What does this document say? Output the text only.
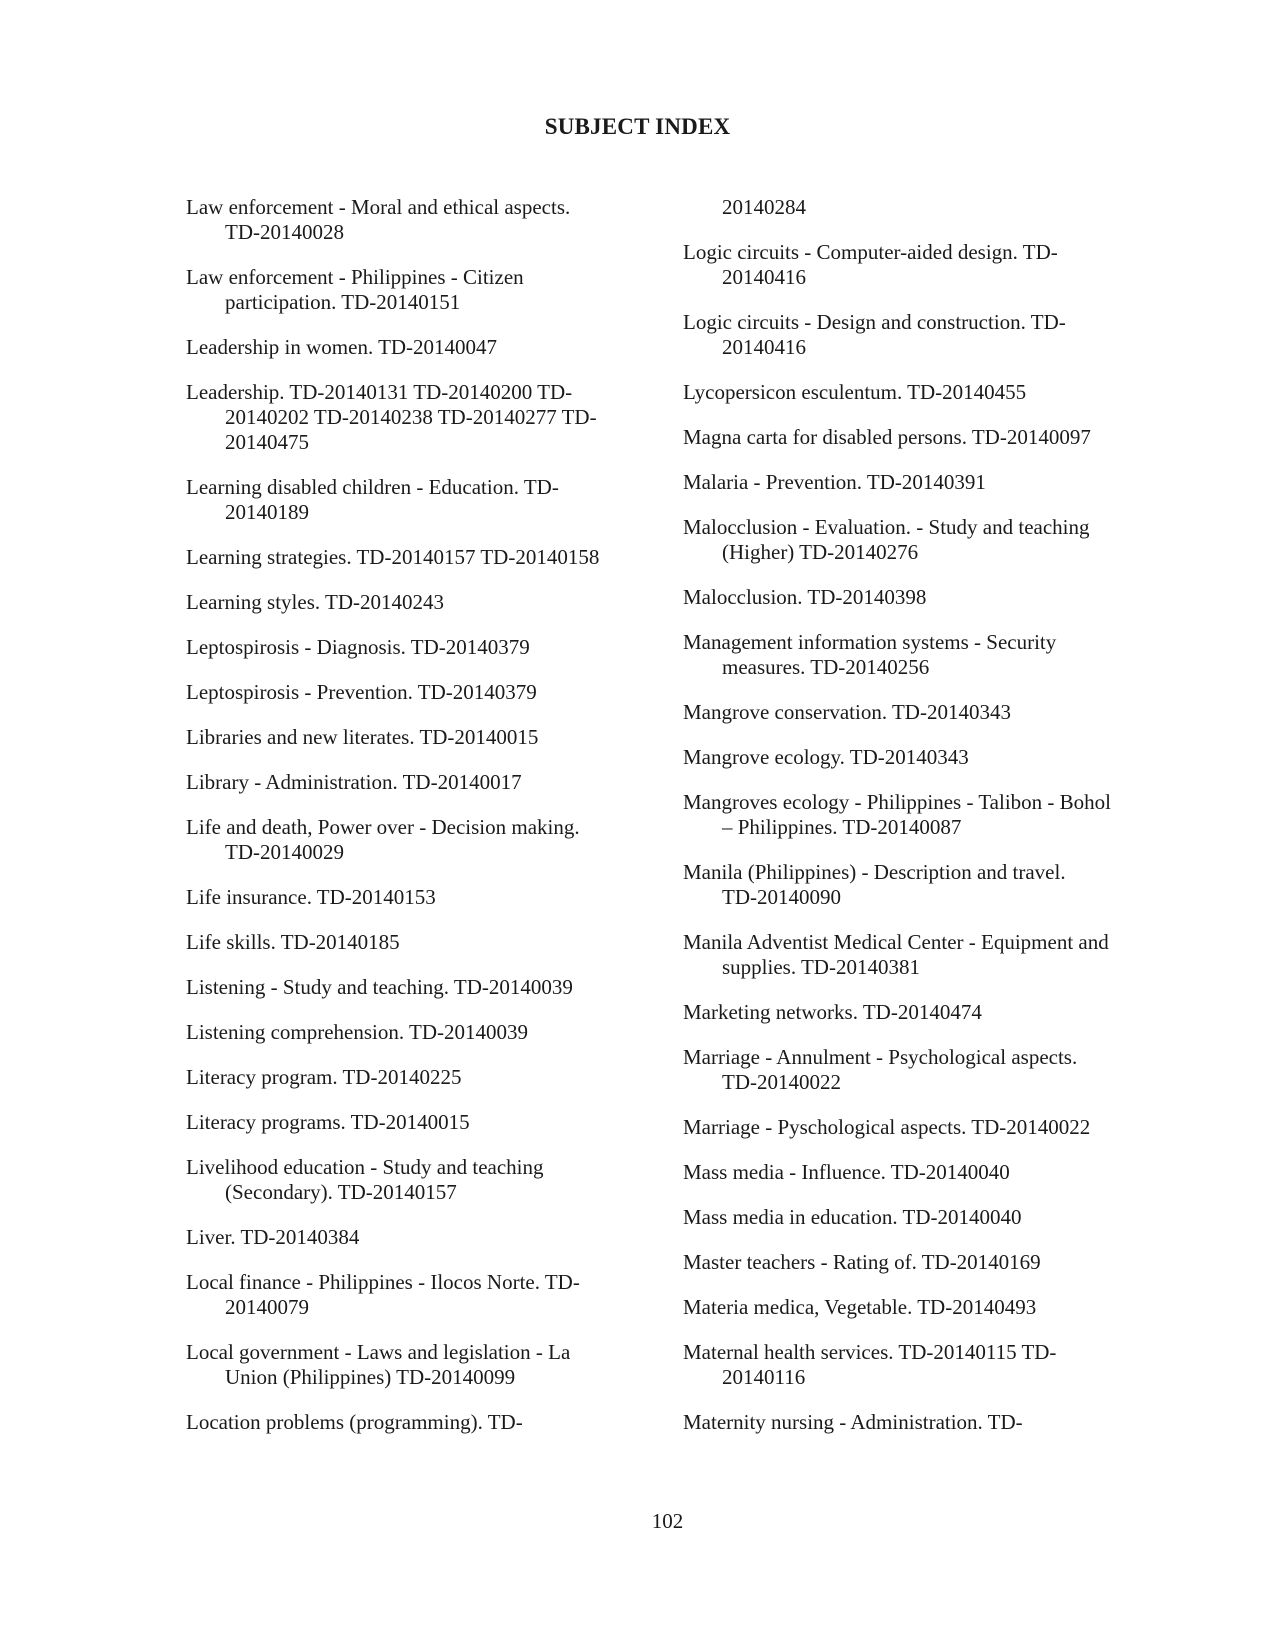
SUBJECT INDEX
Law enforcement - Moral and ethical aspects.
TD-20140028
Law enforcement - Philippines - Citizen
participation. TD-20140151
Leadership in women. TD-20140047
Leadership. TD-20140131 TD-20140200 TD-
20140202 TD-20140238 TD-20140277 TD-
20140475
Learning disabled children - Education. TD-
20140189
Learning strategies. TD-20140157 TD-20140158
Learning styles. TD-20140243
Leptospirosis - Diagnosis. TD-20140379
Leptospirosis - Prevention. TD-20140379
Libraries and new literates. TD-20140015
Library - Administration. TD-20140017
Life and death, Power over - Decision making.
TD-20140029
Life insurance. TD-20140153
Life skills. TD-20140185
Listening - Study and teaching. TD-20140039
Listening comprehension. TD-20140039
Literacy program. TD-20140225
Literacy programs. TD-20140015
Livelihood education - Study and teaching
(Secondary). TD-20140157
Liver. TD-20140384
Local finance - Philippines - Ilocos Norte. TD-
20140079
Local government - Laws and legislation - La
Union (Philippines) TD-20140099
Location problems (programming). TD-
20140284
Logic circuits - Computer-aided design. TD-
20140416
Logic circuits - Design and construction. TD-
20140416
Lycopersicon esculentum. TD-20140455
Magna carta for disabled persons. TD-20140097
Malaria - Prevention. TD-20140391
Malocclusion - Evaluation. - Study and teaching
(Higher) TD-20140276
Malocclusion. TD-20140398
Management information systems - Security
measures. TD-20140256
Mangrove conservation. TD-20140343
Mangrove ecology. TD-20140343
Mangroves ecology - Philippines - Talibon - Bohol
– Philippines. TD-20140087
Manila (Philippines) - Description and travel.
TD-20140090
Manila Adventist Medical Center - Equipment and
supplies. TD-20140381
Marketing networks. TD-20140474
Marriage - Annulment - Psychological aspects.
TD-20140022
Marriage - Pyschological aspects. TD-20140022
Mass media - Influence. TD-20140040
Mass media in education. TD-20140040
Master teachers - Rating of. TD-20140169
Materia medica, Vegetable. TD-20140493
Maternal health services. TD-20140115 TD-
20140116
Maternity nursing - Administration. TD-
102
